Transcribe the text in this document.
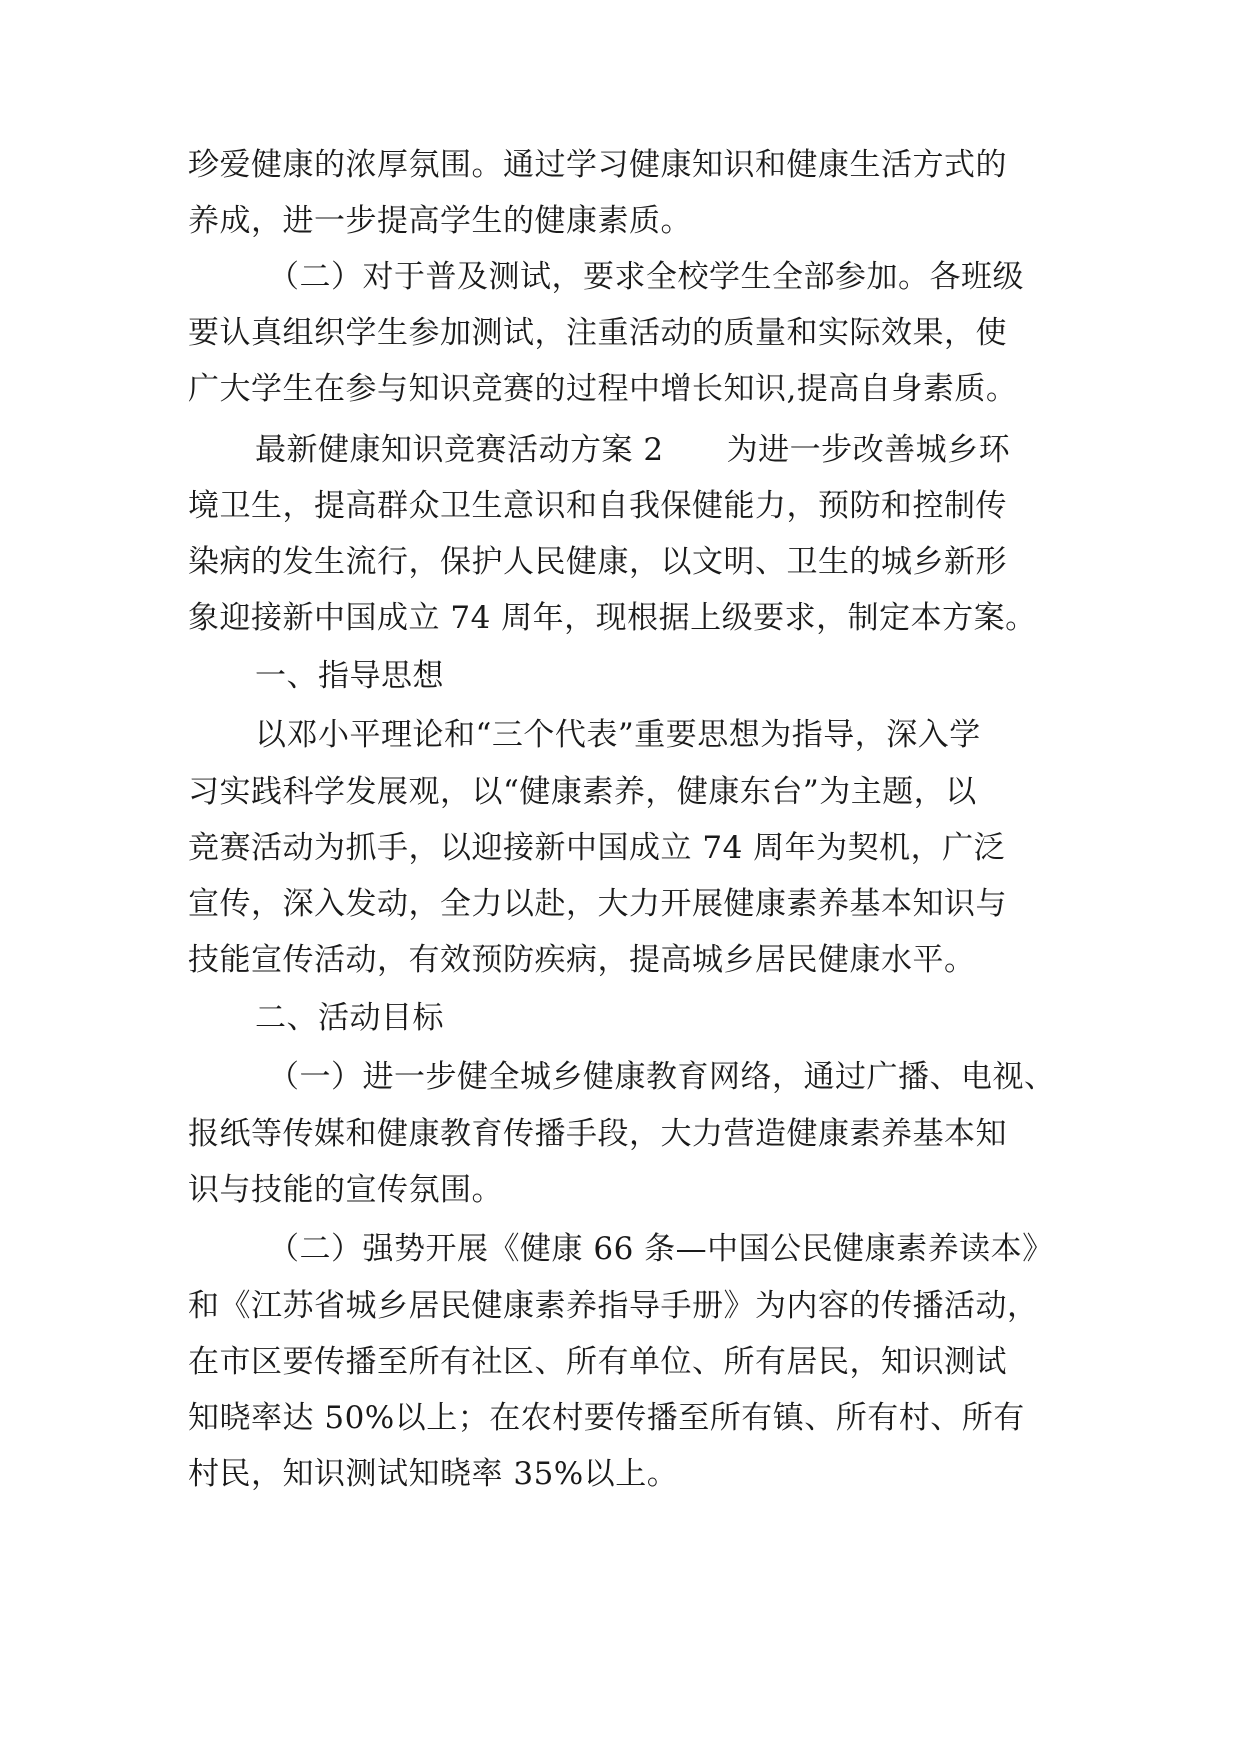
珍爱健康的浓厚氛围。通过学习健康知识和健康生活方式的
养成，进一步提高学生的健康素质。
（二）对于普及测试，要求全校学生全部参加。各班级
要认真组织学生参加测试，注重活动的质量和实际效果，使
广大学生在参与知识竞赛的过程中增长知识,提高自身素质。
最新健康知识竞赛活动方案 2　　为进一步改善城乡环
境卫生，提高群众卫生意识和自我保健能力，预防和控制传
染病的发生流行，保护人民健康，以文明、卫生的城乡新形
象迎接新中国成立 74 周年，现根据上级要求，制定本方案。
一、指导思想
以邓小平理论和“三个代表”重要思想为指导，深入学
习实践科学发展观，以“健康素养，健康东台”为主题，以
竞赛活动为抓手，以迎接新中国成立 74 周年为契机，广泛
宣传，深入发动，全力以赴，大力开展健康素养基本知识与
技能宣传活动，有效预防疾病，提高城乡居民健康水平。
二、活动目标
（一）进一步健全城乡健康教育网络，通过广播、电视、
报纸等传媒和健康教育传播手段，大力营造健康素养基本知
识与技能的宣传氛围。
（二）强势开展《健康 66 条—中国公民健康素养读本》
和《江苏省城乡居民健康素养指导手册》为内容的传播活动，
在市区要传播至所有社区、所有单位、所有居民，知识测试
知晓率达 50%以上；在农村要传播至所有镇、所有村、所有
村民，知识测试知晓率 35%以上。
